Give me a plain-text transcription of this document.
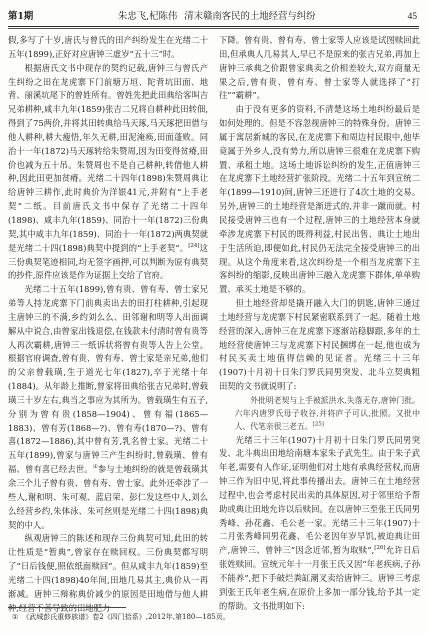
第1期	朱忠飞,杞陈伟 清末赣南客民的土地经营与纠纷	45

假,多写了十岁,唐氏与曾氏的田产纠纷发生在光绪二十五年(1899),正好对应唐钟三虚岁“五十三”时。

根据唐氏文书中现存的契约记载,唐钟三与曾氏产生纠纷之田在龙虎寨下门前塘万垣、陀背坑田面、地背、丽溪坑尾下的曾姓所有。曾姓先把此田典给客叫吉兄弟耕种,咸丰九年(1859)张吉二兄将自耕种此田转佃,得到了75两价,并将其田转典给马天琢,马天琢把田借与他人耕种,耕大瘦悟,年久无耕,田泥淹痪,田面蓬败。同治十一年(1872)马天琢转给朱赞周,因为田变得贫瘠,田价也减为五十吊。朱赞周也不是自己耕种,转借他人耕种,因此田更加贫瘠。光绪二十四年(1898)朱赞周典让给唐钟三耕作,此时典价为洋银41元,并附有“上手老契”二纸。目前唐氏文书中保存了光绪二十四年(1898)、咸丰九年(1859)、同治十一年(1872)三份典契,其中咸丰九年(1859)、同治十一年(1872)两典契就是光绪二十四(1898)典契中提到的“上手老契”。[24]这三份典契笔迹相同,均无签字画押,可以判断为原有典契的抄件,原件应该是作为证据上交给了官府。

光绪二十五年(1899),曾有贵、曾有寿、曾士家兄弟等人持龙虎寨下门前典卖出去的田打柱耕种,引起现主唐钟三的不满,乡约刘么么、田邻谢和明等人出面调解从中说合,由曾家出钱退偿,在钱款未付清时曾有贵等人再次霸耕,唐钟三一纸诉状将曾有贵等人告上公堂。根据官府调查,曾有贵、曾有寿、曾士家是亲兄弟,他们的父亲曾载璜,生于道光七年(1827),卒于光绪十年(1884)。从年龄上推断,曾家将田典给张吉兄弟时,曾载璜三十岁左右,典当之事应为其所为。曾载璜生有五子,分别为曾有贵(1858—1904)、曾有福(1865—1883)、曾有芳(1868—?)、曾有寿(1870—?)、曾有喜(1872—1886),其中曾有芳,乳名曾士家。光绪二十五年(1899),曾家与唐钟三产生纠纷时,曾载璜、曾有福、曾有喜已经去世。①参与土地纠纷的就是曾载璜其余三个儿子曾有贵、曾有寿、曾士家。此外还牵涉了一些人,谢和明、朱可观、蓝启荣、彭仁发这些中人,刘么么经营乡约,朱体泳、朱可丝则是光绪二十四(1898)典契的中人。

纵观唐钟三的陈述和现存三份典契可知,此田的转让性质是“暂典”,曾家存在赎回权。三份典契都写明了“日后钱便,照依纸面赎回”。但从咸丰九年(1859)至光绪二十四(1898)40年间,田地几易其主,典价从一再渐减。唐钟三辩称典价减少的原因是田地借与他人耕种,经营不善导致的田地肥力

下降。曾有贵、曾有寿、曾士家等人应该是试图赎回此田,但承典人几易其人,早已不是原来的张吉兄弟,再加上唐钟三承典之价跟曾家典卖之价相差较大,双方商量无果之后,曾有贵、曾有寿、曾士家等人就选择了“打往”“霸耕”。

由于没有更多的资料,不清楚这场土地纠纷最后是如何处理的。但是不容忽视唐钟三的特殊身份。唐钟三属于寓居新城的客民,在龙虎寨下和周边村民眼中,他毕竟属于外乡人,没有势力,所以唐钟三很难在龙虎寨下购置、承租土地。这场土地诉讼纠纷的发生,正值唐钟三在龙虎寨下土地经营扩张阶段。光绪二十五年到宣统二年(1899—1910)间,唐钟三还进行了4次土地的交易。另外,唐钟三的土地经营是渐进式的,并非一蹴而就。村民接受唐钟三也有一个过程,唐钟三的土地经营本身就牵涉龙虎寨下村民的既得利益,村民出售、典让土地出于生活所迫,即便如此,村民仍无法完全接受唐钟三的出现。从这个角度来看,这次纠纷是一个相当龙虎寨下主客纠纷的缩影,反映出唐钟三融入龙虎寨下群体,单单购置、承买土地是不够的。

但土地经营却是撬开融入大门的钥匙,唐钟三通过土地经营与龙虎寨下村民紧密联系到了一起。随着土地经营的深入,唐钟三在龙虎寨下逐渐站稳脚跟,多年的土地经营使唐钟三与龙虎寨下村民捆绑在一起,他也成为村民买卖土地值得信赖的见证者。光绪三十三年(1907)十月初十日朱门罗氏同男突发、北斗立契典粗田契的文书就说明了:

外批明老契与上手被派洪水,失落无存,唐钟门批。六年内唐罗氏母子收谷,并将庐子可认,批照。又批中人、代笔亲很三老五。[25]

光绪三十三年(1907)十月初十日朱门罗氏同男突发、北斗典出田地给南塘本家朱子武先生。由于朱子武年老,需要有人作证,证明他们对土地有承典经营权,而唐钟三作为旧中见,将此事传播出去。唐钟三在土地经营过程中,也会考虑村民出卖的具体原因,对于邻里给予帮助或典让田地允许以后赎回。在以唐钟三至张王氏同男秀峰、孙花鑫、毛公老一家。光绪三十三年(1907)十二月张秀峰同男花鑫、毛公老因年岁早饥,被迫典让田产,唐钟三、曾钟三“因念近邻,暂为取赎”,[26]允许日后张姓赎回。宣统元年十一月张王氏又因“年老疾病,子孙不能养”,把下手破烂粪缸潮叉卖给唐钟三。唐钟三考虑到张王氏年老生病,在原价上多加一部分钱,给予其一定的帮助。文书批明如下:

① 《武城彭氏重修族谱》卷2《四门拾系》,2012年,第180—185页。
